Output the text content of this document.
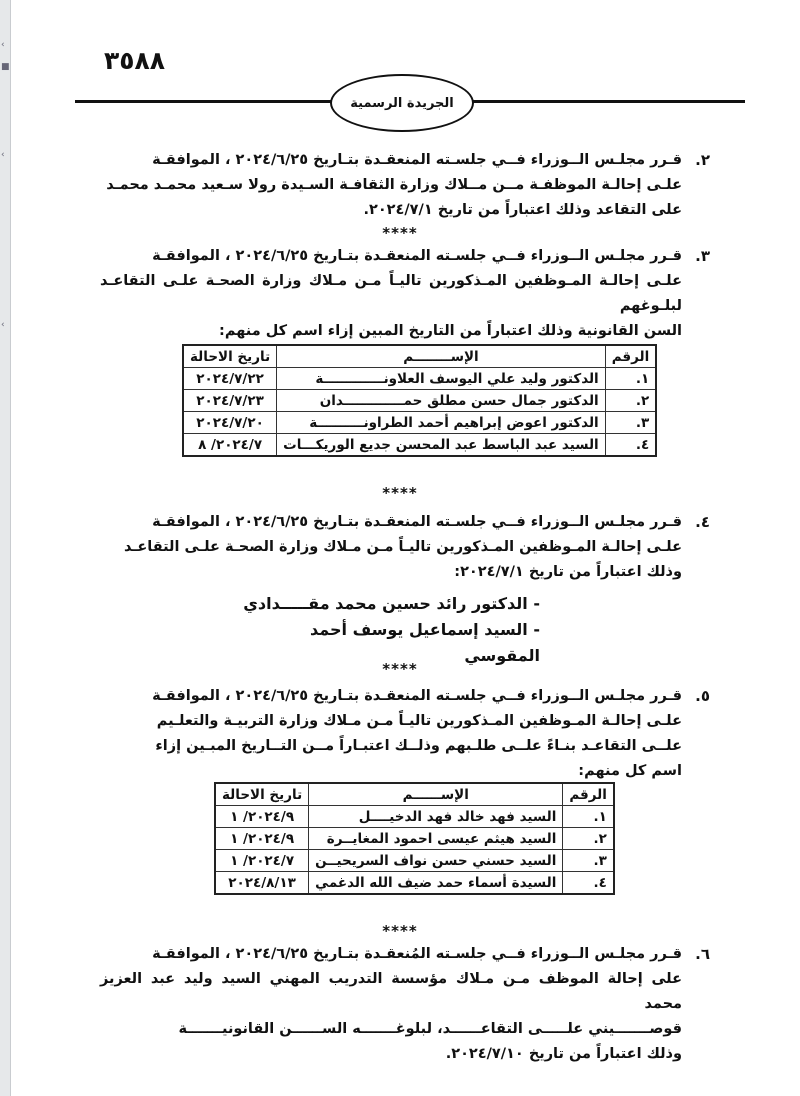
‹
■
‹
‹
٣٥٨٨
الجريدة الرسمية
٢.
قـرر مجلـس الــوزراء فــي جلسـته المنعقـدة بتـاريخ ٢٠٢٤/٦/٢٥ ، الموافقـة
علـى إحالـة الموظفـة مــن مــلاك وزارة الثقافـة السـيدة رولا سـعيد محمـد محمـد
على التقاعد وذلك اعتباراً من تاريخ ٢٠٢٤/٧/١.
****
٣.
قـرر مجلـس الــوزراء فــي جلسـته المنعقـدة بتـاريخ ٢٠٢٤/٦/٢٥ ، الموافقـة
علـى إحالـة المـوظفين المـذكورين تاليـاً مـن مـلاك وزارة الصحـة علـى التقاعـد لبلـوغهم
السن القانونية وذلك اعتباراً من التاريخ المبين إزاء اسم كل منهم:
الرقم	الإســــــــم	تاريخ الاحالة
١.	الدكتور وليد علي اليوسف العلاونـــــــــــــة	٢٠٢٤/٧/٢٢
٢.	الدكتور جمال حسن مطلق حمـــــــــــــدان	٢٠٢٤/٧/٢٣
٣.	الدكتور اعوض إبراهيم أحمد الطراونــــــــــة	٢٠٢٤/٧/٢٠
٤.	السيد عبد الباسط عبد المحسن جديع الوريكـــات	٢٠٢٤/٧/ ٨
****
٤.
قـرر مجلـس الــوزراء فــي جلسـته المنعقـدة بتـاريخ ٢٠٢٤/٦/٢٥ ، الموافقـة
علـى إحالـة المـوظفين المـذكورين تاليـاً مـن مـلاك وزارة الصحـة علـى التقاعـد
وذلك اعتباراً من تاريخ ٢٠٢٤/٧/١:
- الدكتور رائد حسين محمد مقـــــدادي
- السيد إسماعيل يوسف أحمد المقوسي
****
٥.
قـرر مجلـس الــوزراء فــي جلسـته المنعقـدة بتـاريخ ٢٠٢٤/٦/٢٥ ، الموافقـة
علـى إحالـة المـوظفين المـذكورين تاليـاً مـن مـلاك وزارة التربيـة والتعلـيم
علــى التقاعـد بنـاءً علــى طلـبهم وذلــك اعتبـاراً مــن التــاريخ المبـين إزاء
اسم كل منهم:
الرقم	الإســــــم	تاريخ الاحالة
١.	السيد فهد خالد فهد الدخيــــل	٢٠٢٤/٩/ ١
٢.	السيد هيثم عيسى احمود المغايــرة	٢٠٢٤/٩/ ١
٣.	السيد حسني حسن نواف السريحيــن	٢٠٢٤/٧/ ١
٤.	السيدة أسماء حمد ضيف الله الدغمي	٢٠٢٤/٨/١٣
****
٦.
قـرر مجلـس الــوزراء فــي جلسـته المُنعقـدة بتـاريخ ٢٠٢٤/٦/٢٥ ، الموافقـة
على إحالة الموظف مـن مـلاك مؤسسة التدريب المهني السيد وليد عبد العزيز محمد
قوصـــــــيني علـــــى التقاعــــــد، لبلوغـــــــه الســــــن القانونيـــــــة
وذلك اعتباراً من تاريخ ٢٠٢٤/٧/١٠.
